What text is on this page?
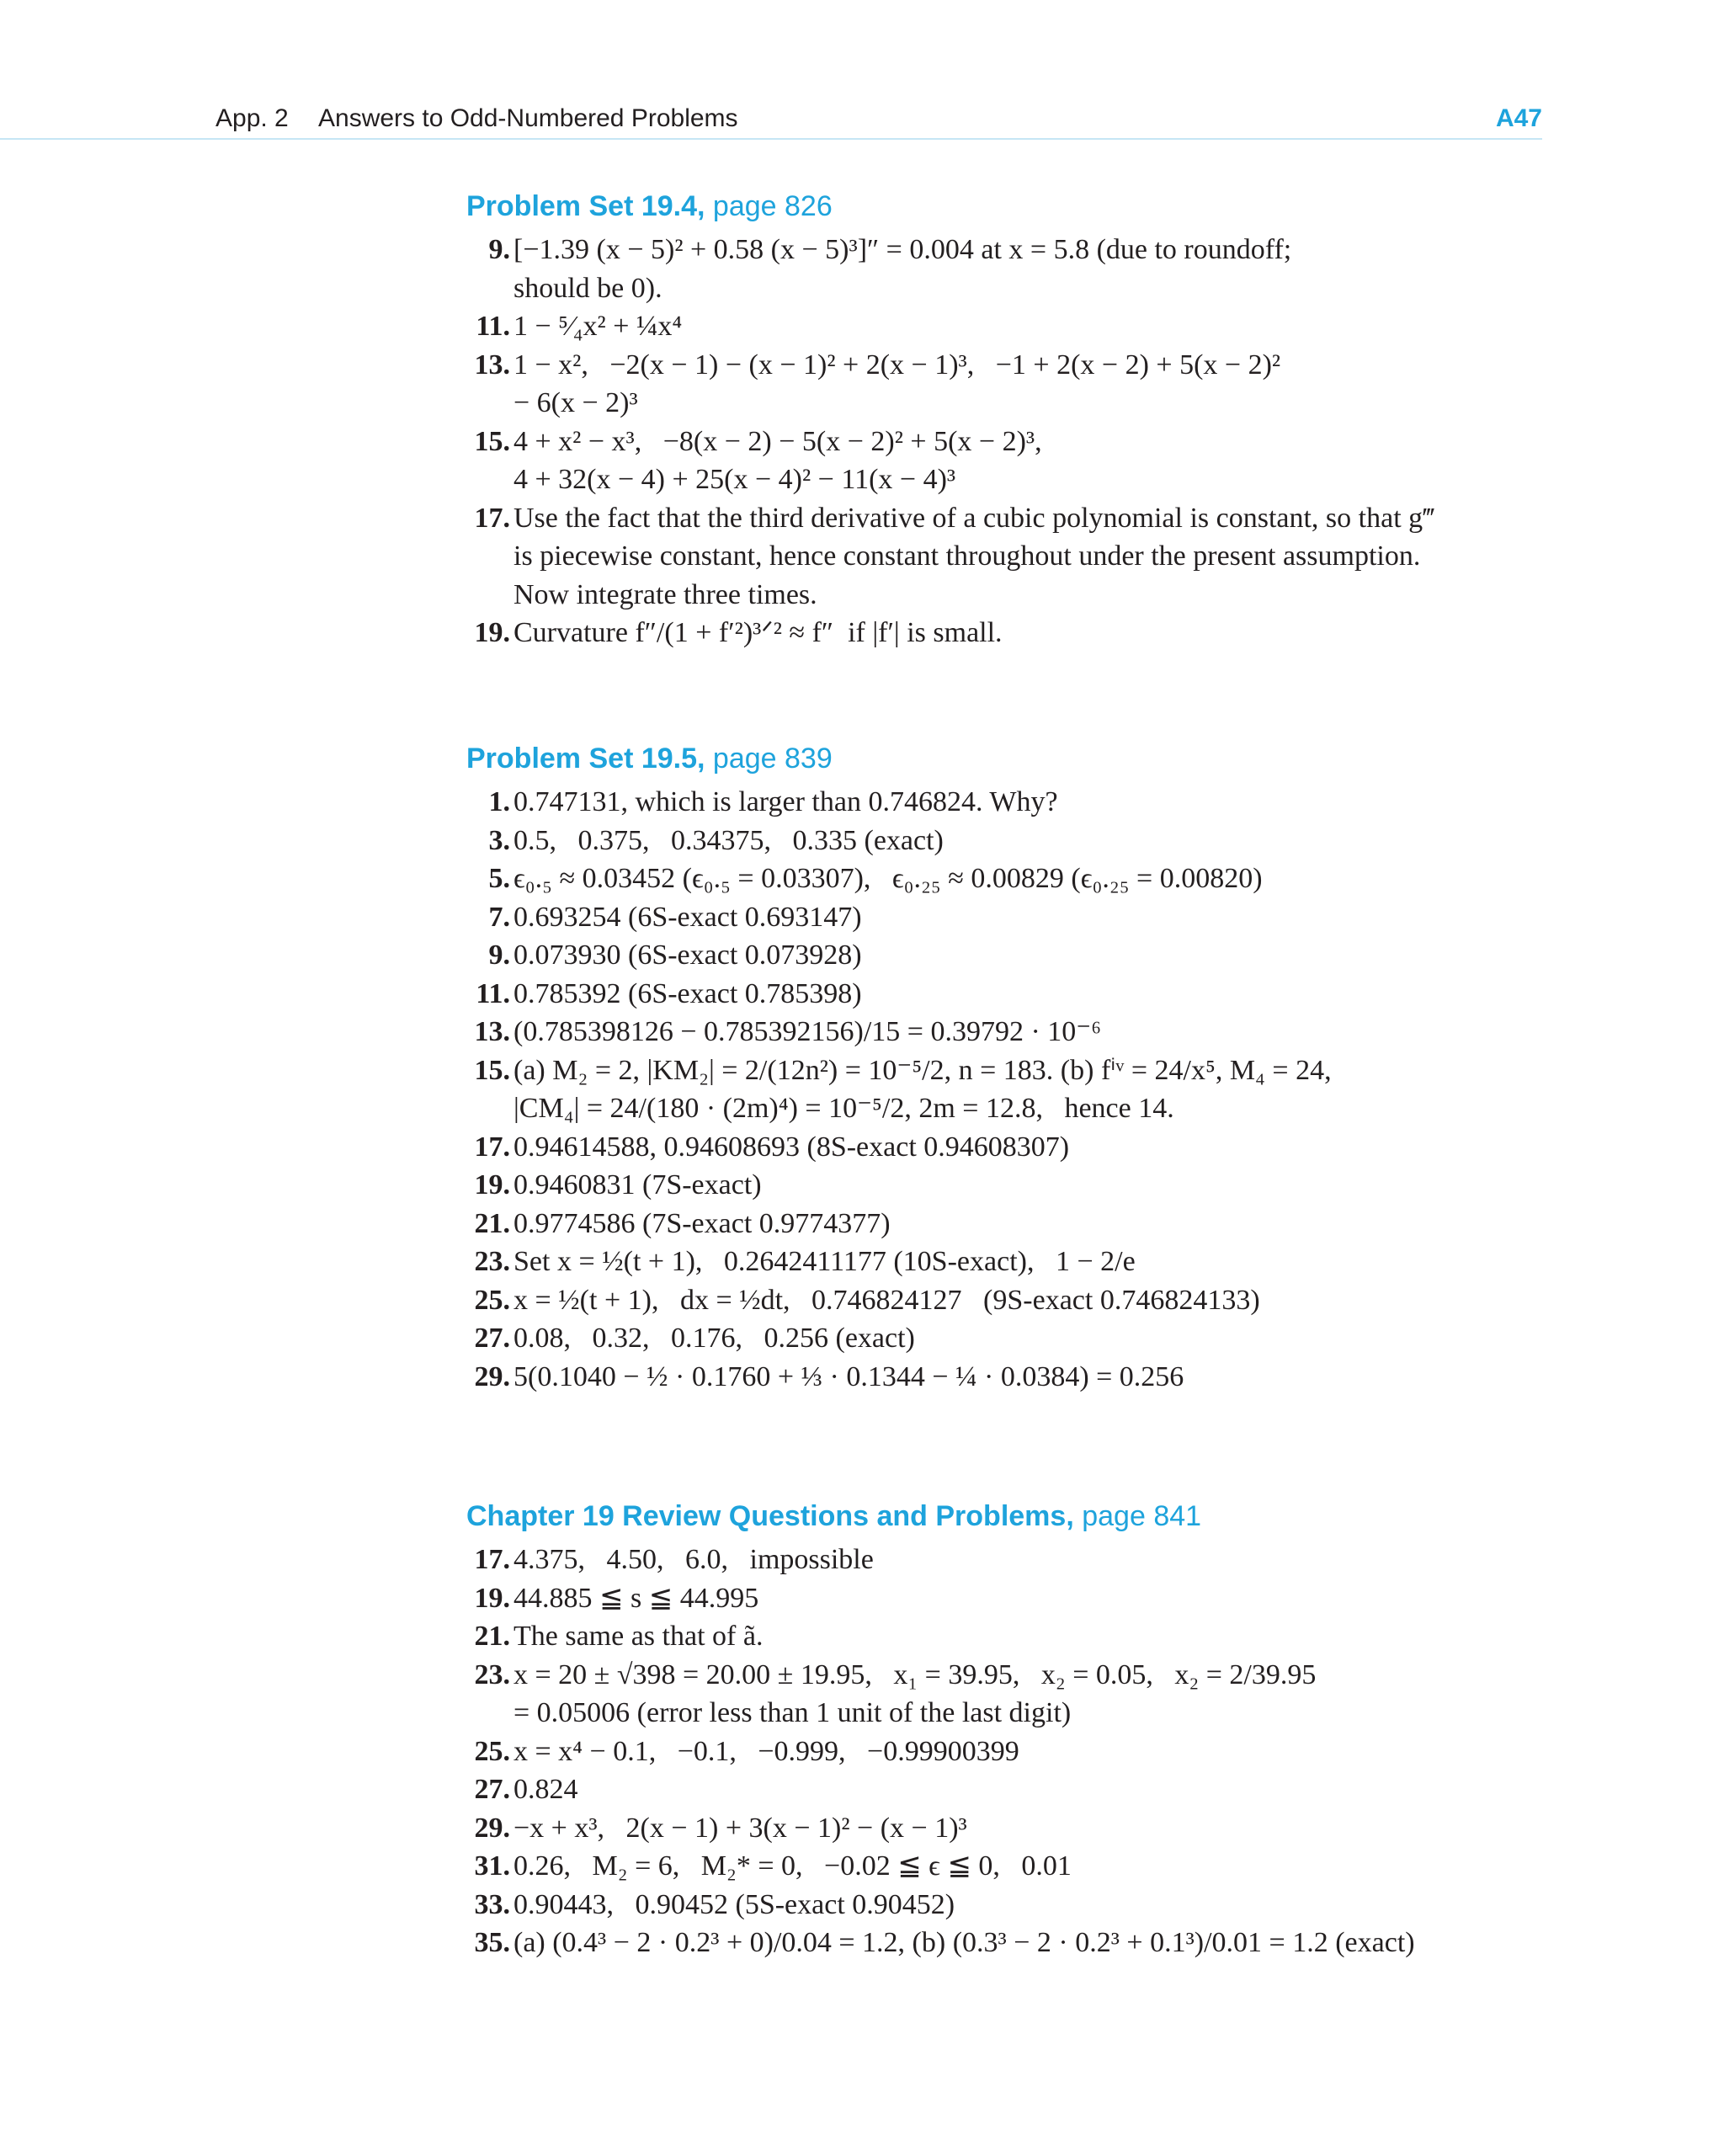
App. 2 Answers to Odd-Numbered Problems	A47
Problem Set 19.4, page 826
9. [−1.39 (x − 5)² + 0.58 (x − 5)³]″ = 0.004 at x = 5.8 (due to roundoff;
should be 0).
11. 1 − ⁵⁄₄x² + ¼x⁴
13. 1 − x²,   −2(x − 1) − (x − 1)² + 2(x − 1)³,   −1 + 2(x − 2) + 5(x − 2)²
− 6(x − 2)³
15. 4 + x² − x³,   −8(x − 2) − 5(x − 2)² + 5(x − 2)³,
4 + 32(x − 4) + 25(x − 4)² − 11(x − 4)³
17. Use the fact that the third derivative of a cubic polynomial is constant, so that g‴
is piecewise constant, hence constant throughout under the present assumption.
Now integrate three times.
19. Curvature f″/(1 + f′²)³ᐟ² ≈ f″  if |f′| is small.
Problem Set 19.5, page 839
1. 0.747131, which is larger than 0.746824. Why?
3. 0.5,   0.375,   0.34375,   0.335 (exact)
5. ϵ₀.₅ ≈ 0.03452 (ϵ₀.₅ = 0.03307),   ϵ₀.₂₅ ≈ 0.00829 (ϵ₀.₂₅ = 0.00820)
7. 0.693254 (6S-exact 0.693147)
9. 0.073930 (6S-exact 0.073928)
11. 0.785392 (6S-exact 0.785398)
13. (0.785398126 − 0.785392156)/15 = 0.39792 · 10⁻⁶
15. (a) M₂ = 2, |KM₂| = 2/(12n²) = 10⁻⁵/2, n = 183. (b) fⁱᵛ = 24/x⁵, M₄ = 24,
|CM₄| = 24/(180 · (2m)⁴) = 10⁻⁵/2, 2m = 12.8,   hence 14.
17. 0.94614588, 0.94608693 (8S-exact 0.94608307)
19. 0.9460831 (7S-exact)
21. 0.9774586 (7S-exact 0.9774377)
23. Set x = ½(t + 1),   0.2642411177 (10S-exact),   1 − 2/e
25. x = ½(t + 1),   dx = ½dt,   0.746824127   (9S-exact 0.746824133)
27. 0.08,   0.32,   0.176,   0.256 (exact)
29. 5(0.1040 − ½ · 0.1760 + ⅓ · 0.1344 − ¼ · 0.0384) = 0.256
Chapter 19 Review Questions and Problems, page 841
17. 4.375,   4.50,   6.0,   impossible
19. 44.885 ≦ s ≦ 44.995
21. The same as that of ã.
23. x = 20 ± √398 = 20.00 ± 19.95,   x₁ = 39.95,   x₂ = 0.05,   x₂ = 2/39.95
= 0.05006 (error less than 1 unit of the last digit)
25. x = x⁴ − 0.1,   −0.1,   −0.999,   −0.99900399
27. 0.824
29. −x + x³,   2(x − 1) + 3(x − 1)² − (x − 1)³
31. 0.26,   M₂ = 6,   M₂* = 0,   −0.02 ≦ ϵ ≦ 0,   0.01
33. 0.90443,   0.90452 (5S-exact 0.90452)
35. (a) (0.4³ − 2 · 0.2³ + 0)/0.04 = 1.2, (b) (0.3³ − 2 · 0.2³ + 0.1³)/0.01 = 1.2 (exact)
